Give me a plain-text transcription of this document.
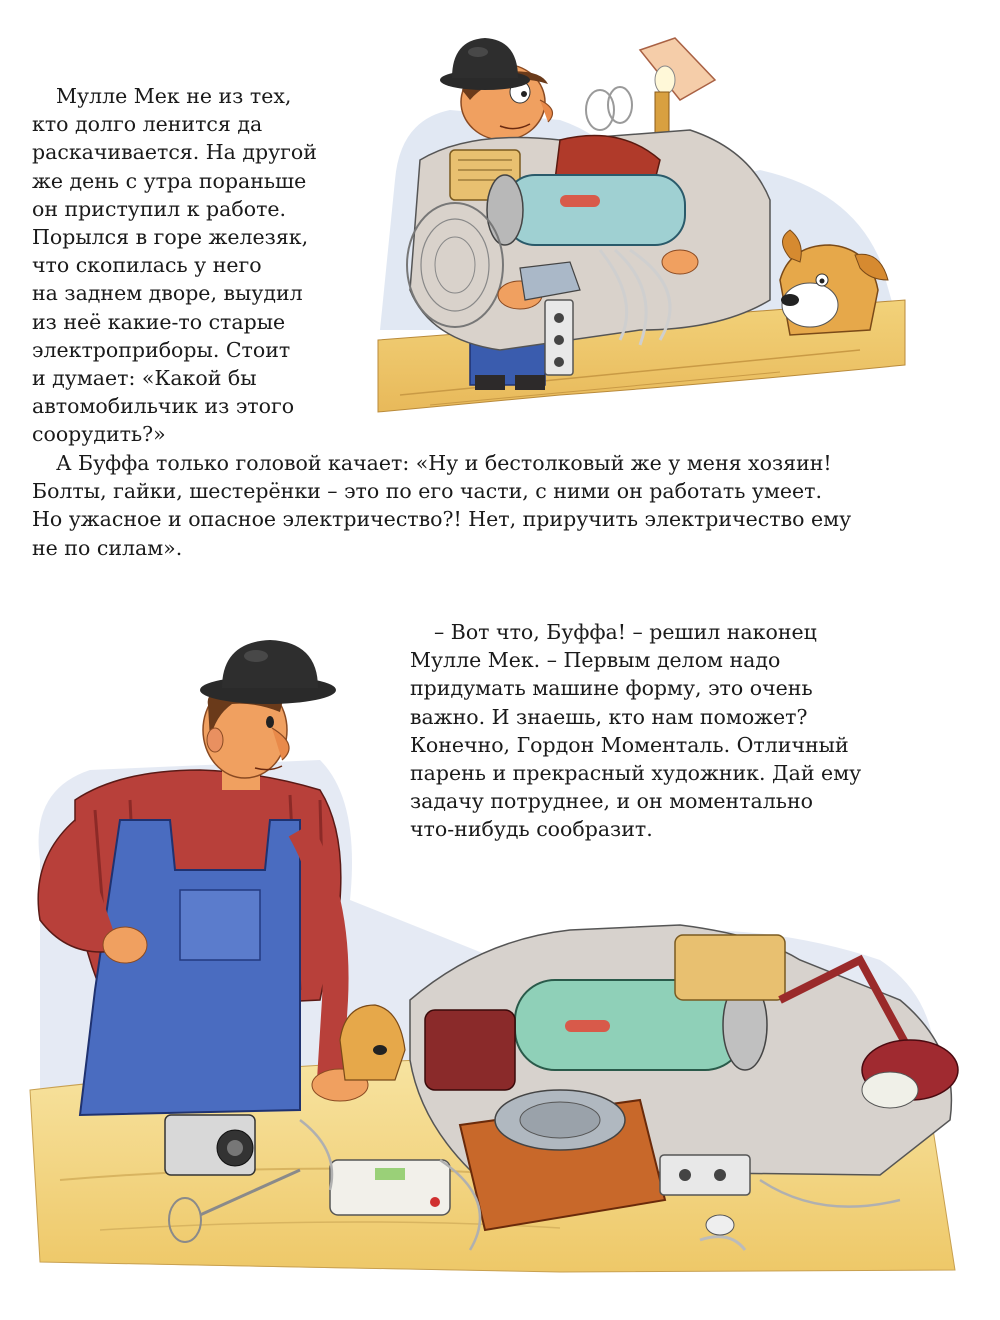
Мулле Мек не из тех,

кто долго ленится да

раскачивается. На другой

же день с утра пораньше

он приступил к работе.

Порылся в горе железяк,

что скопилась у него

на заднем дворе, выудил

из неё какие-то старые

электроприборы. Стоит

и думает: «Какой бы

автомобильчик из этого

соорудить?»

А Буффа только головой качает: «Ну и бестолковый же у меня хозяин!

Болты, гайки, шестерёнки – это по его части, с ними он работать умеет.

Но ужасное и опасное электричество?! Нет, приручить электричество ему

не по силам».

– Вот что, Буффа! – решил наконец

Мулле Мек. – Первым делом надо

придумать машине форму, это очень

важно. И знаешь, кто нам поможет?

Конечно, Гордон Моменталь. Отличный

парень и прекрасный художник. Дай ему

задачу потруднее, и он моментально

что-нибудь сообразит.
